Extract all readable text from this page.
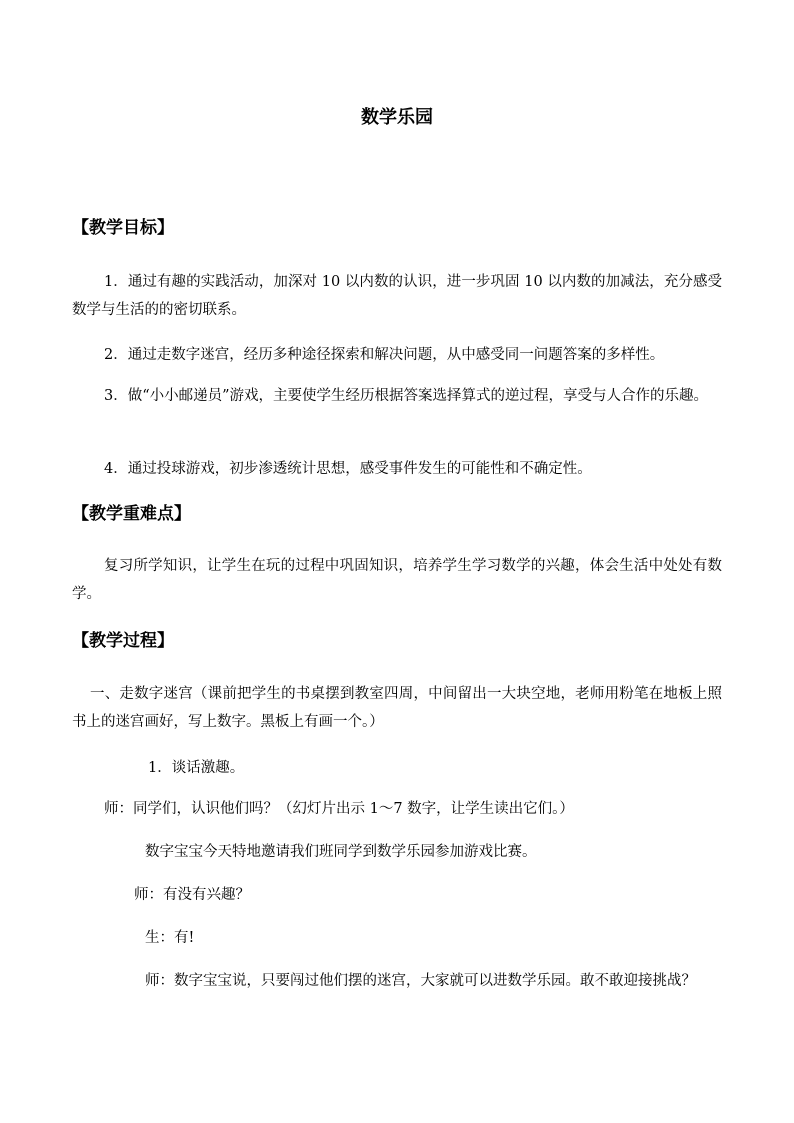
数学乐园
【教学目标】
1．通过有趣的实践活动，加深对 10 以内数的认识，进一步巩固 10 以内数的加减法，充分感受数学与生活的的密切联系。
2．通过走数字迷宫，经历多种途径探索和解决问题，从中感受同一问题答案的多样性。
3．做“小小邮递员”游戏，主要使学生经历根据答案选择算式的逆过程，享受与人合作的乐趣。
4．通过投球游戏，初步渗透统计思想，感受事件发生的可能性和不确定性。
【教学重难点】
复习所学知识，让学生在玩的过程中巩固知识，培养学生学习数学的兴趣，体会生活中处处有数学。
【教学过程】
一、走数字迷宫（课前把学生的书桌摆到教室四周，中间留出一大块空地，老师用粉笔在地板上照书上的迷宫画好，写上数字。黑板上有画一个。）
1．谈话激趣。
师：同学们，认识他们吗？（幻灯片出示 1～7 数字，让学生读出它们。）
数字宝宝今天特地邀请我们班同学到数学乐园参加游戏比赛。
师：有没有兴趣？
生：有!
师：数字宝宝说，只要闯过他们摆的迷宫，大家就可以进数学乐园。敢不敢迎接挑战？
